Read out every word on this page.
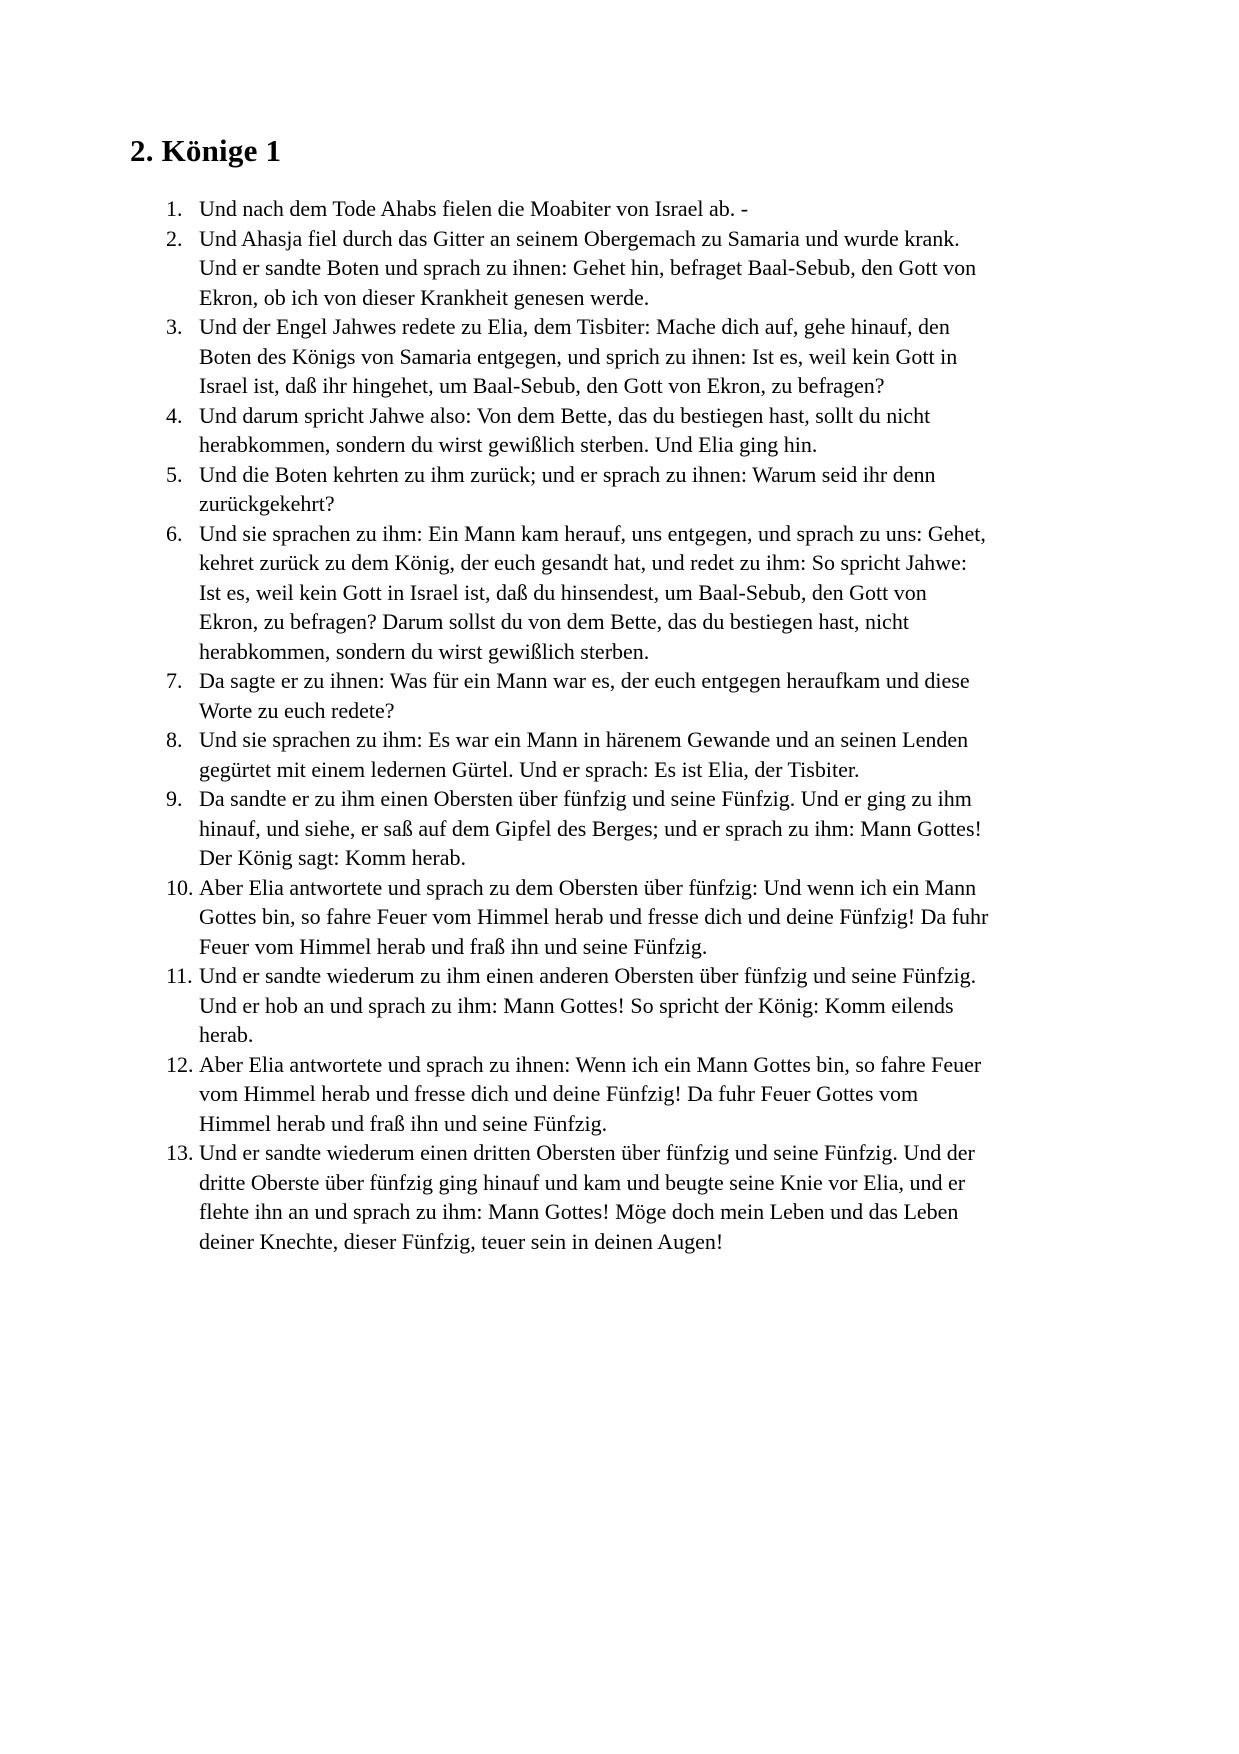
2. Könige 1
1. Und nach dem Tode Ahabs fielen die Moabiter von Israel ab. -
2. Und Ahasja fiel durch das Gitter an seinem Obergemach zu Samaria und wurde krank. Und er sandte Boten und sprach zu ihnen: Gehet hin, befraget Baal-Sebub, den Gott von Ekron, ob ich von dieser Krankheit genesen werde.
3. Und der Engel Jahwes redete zu Elia, dem Tisbiter: Mache dich auf, gehe hinauf, den Boten des Königs von Samaria entgegen, und sprich zu ihnen: Ist es, weil kein Gott in Israel ist, daß ihr hingehet, um Baal-Sebub, den Gott von Ekron, zu befragen?
4. Und darum spricht Jahwe also: Von dem Bette, das du bestiegen hast, sollt du nicht herabkommen, sondern du wirst gewißlich sterben. Und Elia ging hin.
5. Und die Boten kehrten zu ihm zurück; und er sprach zu ihnen: Warum seid ihr denn zurückgekehrt?
6. Und sie sprachen zu ihm: Ein Mann kam herauf, uns entgegen, und sprach zu uns: Gehet, kehret zurück zu dem König, der euch gesandt hat, und redet zu ihm: So spricht Jahwe: Ist es, weil kein Gott in Israel ist, daß du hinsendest, um Baal-Sebub, den Gott von Ekron, zu befragen? Darum sollst du von dem Bette, das du bestiegen hast, nicht herabkommen, sondern du wirst gewißlich sterben.
7. Da sagte er zu ihnen: Was für ein Mann war es, der euch entgegen heraufkam und diese Worte zu euch redete?
8. Und sie sprachen zu ihm: Es war ein Mann in härenem Gewande und an seinen Lenden gegürtet mit einem ledernen Gürtel. Und er sprach: Es ist Elia, der Tisbiter.
9. Da sandte er zu ihm einen Obersten über fünfzig und seine Fünfzig. Und er ging zu ihm hinauf, und siehe, er saß auf dem Gipfel des Berges; und er sprach zu ihm: Mann Gottes! Der König sagt: Komm herab.
10. Aber Elia antwortete und sprach zu dem Obersten über fünfzig: Und wenn ich ein Mann Gottes bin, so fahre Feuer vom Himmel herab und fresse dich und deine Fünfzig! Da fuhr Feuer vom Himmel herab und fraß ihn und seine Fünfzig.
11. Und er sandte wiederum zu ihm einen anderen Obersten über fünfzig und seine Fünfzig. Und er hob an und sprach zu ihm: Mann Gottes! So spricht der König: Komm eilends herab.
12. Aber Elia antwortete und sprach zu ihnen: Wenn ich ein Mann Gottes bin, so fahre Feuer vom Himmel herab und fresse dich und deine Fünfzig! Da fuhr Feuer Gottes vom Himmel herab und fraß ihn und seine Fünfzig.
13. Und er sandte wiederum einen dritten Obersten über fünfzig und seine Fünfzig. Und der dritte Oberste über fünfzig ging hinauf und kam und beugte seine Knie vor Elia, und er flehte ihn an und sprach zu ihm: Mann Gottes! Möge doch mein Leben und das Leben deiner Knechte, dieser Fünfzig, teuer sein in deinen Augen!
